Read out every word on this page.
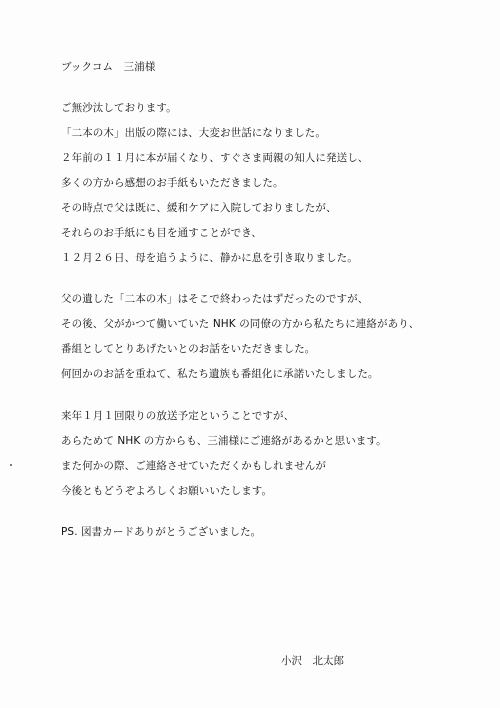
ブックコム　三浦様
ご無沙汰しております。
「二本の木」出版の際には、大変お世話になりました。
２年前の１１月に本が届くなり、すぐさま両親の知人に発送し、
多くの方から感想のお手紙もいただきました。
その時点で父は既に、緩和ケアに入院しておりましたが、
それらのお手紙にも目を通すことができ、
１２月２６日、母を追うように、静かに息を引き取りました。
父の遺した「二本の木」はそこで終わったはずだったのですが、
その後、父がかつて働いていた NHK の同僚の方から私たちに連絡があり、
番組としてとりあげたいとのお話をいただきました。
何回かのお話を重ねて、私たち遺族も番組化に承諾いたしました。
来年１月１回限りの放送予定ということですが、
あらためて NHK の方からも、三浦様にご連絡があるかと思います。
また何かの際、ご連絡させていただくかもしれませんが
今後ともどうぞよろしくお願いいたします。
PS. 図書カードありがとうございました。
小沢　北太郎
